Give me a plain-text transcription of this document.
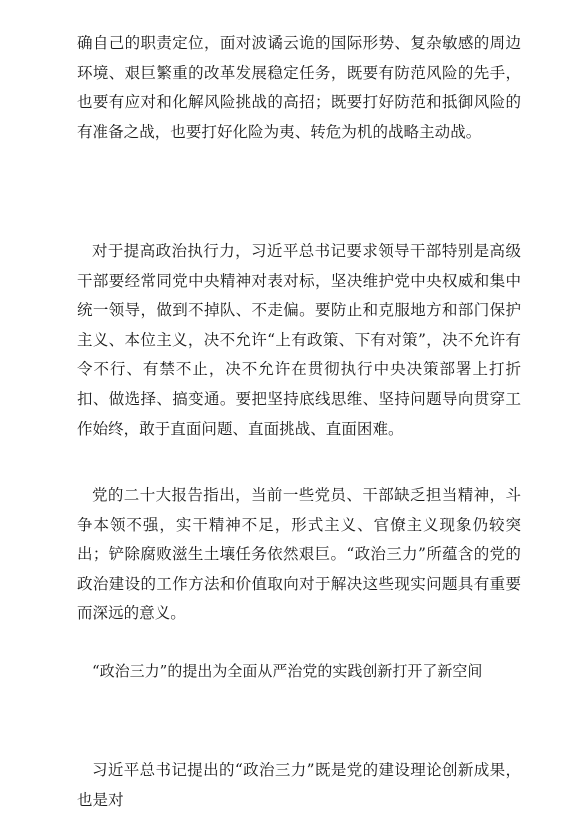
确自己的职责定位，面对波谲云诡的国际形势、复杂敏感的周边环境、艰巨繁重的改革发展稳定任务，既要有防范风险的先手，也要有应对和化解风险挑战的高招；既要打好防范和抵御风险的有准备之战，也要打好化险为夷、转危为机的战略主动战。

对于提高政治执行力，习近平总书记要求领导干部特别是高级干部要经常同党中央精神对表对标，坚决维护党中央权威和集中统一领导，做到不掉队、不走偏。要防止和克服地方和部门保护主义、本位主义，决不允许“上有政策、下有对策”，决不允许有令不行、有禁不止，决不允许在贯彻执行中央决策部署上打折扣、做选择、搞变通。要把坚持底线思维、坚持问题导向贯穿工作始终，敢于直面问题、直面挑战、直面困难。

党的二十大报告指出，当前一些党员、干部缺乏担当精神，斗争本领不强，实干精神不足，形式主义、官僚主义现象仍较突出；铲除腐败滋生土壤任务依然艰巨。“政治三力”所蕴含的党的政治建设的工作方法和价值取向对于解决这些现实问题具有重要而深远的意义。

“政治三力”的提出为全面从严治党的实践创新打开了新空间

习近平总书记提出的“政治三力”既是党的建设理论创新成果，也是对
